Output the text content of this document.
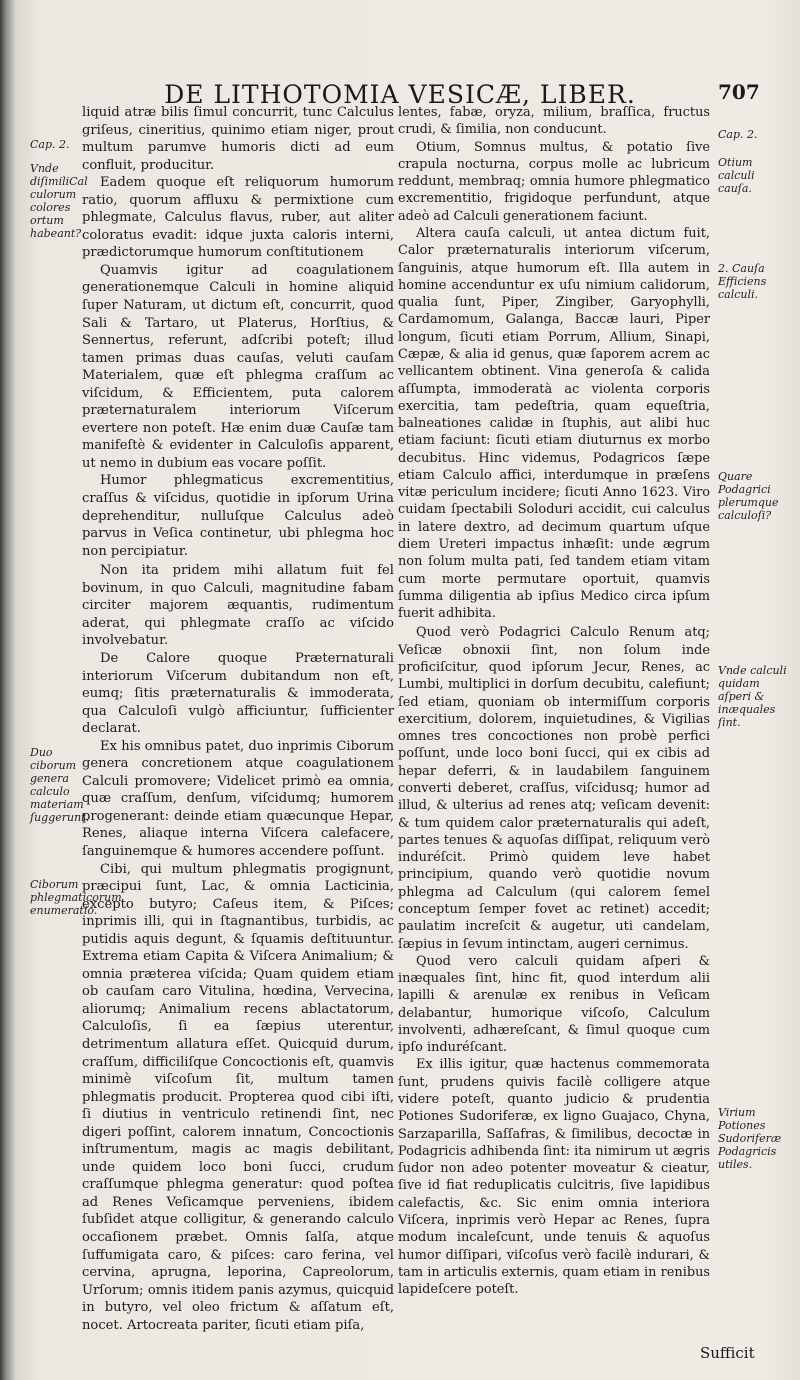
DE LITHOTOMIA VESICÆ, LIBER.	707
Cap. 2.
Vnde diſimiliCal culorum colores ortum habeant?
Duo ciborum genera calculo materiam ſuggerunt.
Ciborum phlegmaticorum enumeratio.
Cap. 2.
Otium calculi cauſa.
2. Cauſa Efficiens calculi.
Quare Podagrici plerumque calculoſi?
Vnde calculi quidam aſperi & inæquales ſint.
Virium Potiones Sudoriferæ Podagricis utiles.

liquid atræ bilis ſimul concurrit, tunc Calculus griſeus, cineritius, quinimo etiam niger, prout multum parumve humoris dicti ad eum confluit, producitur.

Eadem quoque eſt reliquorum humorum ratio, quorum affluxu & permixtione cum phlegmate, Calculus flavus, ruber, aut aliter coloratus evadit: idque juxta caloris interni, prædictorumque humorum conſtitutionem

Quamvis igitur ad coagulationem generationemque Calculi in homine aliquid ſuper Naturam, ut dictum eſt, concurrit, quod Sali & Tartaro, ut Platerus, Horſtius, & Sennertus, referunt, adſcribi poteſt; illud tamen primas duas cauſas, veluti cauſam Materialem, quæ eſt phlegma craſſum ac viſcidum, & Efficientem, puta calorem præternaturalem interiorum Viſcerum evertere non poteſt. Hæ enim duæ Cauſæ tam manifeſtè & evidenter in Calculoſis apparent, ut nemo in dubium eas vocare poſſit.

Humor phlegmaticus excrementitius, craſſus & viſcidus, quotidie in ipſorum Urina deprehenditur, nulluſque Calculus adeò parvus in Veſica continetur, ubi phlegma hoc non percipiatur.

Non ita pridem mihi allatum fuit fel bovinum, in quo Calculi, magnitudine fabam circiter majorem æquantis, rudimentum aderat, qui phlegmate craſſo ac viſcido involvebatur.

De Calore quoque Præternaturali interiorum Viſcerum dubitandum non eſt, eumq; ſitis præternaturalis & immoderata, qua Calculoſi vulgò afficiuntur, ſufficienter declarat.

Ex his omnibus patet, duo inprimis Ciborum genera concretionem atque coagulationem Calculi promovere; Videlicet primò ea omnia, quæ craſſum, denſum, viſcidumq; humorem progenerant: deinde etiam quæcunque Hepar, Renes, aliaque interna Viſcera calefacere, ſanguinemque & humores accendere poſſunt.

Cibi, qui multum phlegmatis progignunt, præcipui ſunt, Lac, & omnia Lacticinia, excepto butyro; Caſeus item, & Piſces; inprimis illi, qui in ſtagnantibus, turbidis, ac putidis aquis degunt, & ſquamis deſtituuntur. Extrema etiam Capita & Viſcera Animalium; & omnia præterea viſcida; Quam quidem etiam ob cauſam caro Vitulina, hœdina, Vervecina, aliorumq; Animalium recens ablactatorum, Calculoſis, ſi ea ſæpius uterentur, detrimentum allatura eſſet. Quicquid durum, craſſum, difficiliſque Concoctionis eſt, quamvis minimè viſcoſum ſit, multum tamen phlegmatis producit. Propterea quod cibi iſti, ſi diutius in ventriculo retinendi ſint, nec digeri poſſint, calorem innatum, Concoctionis inſtrumentum, magis ac magis debilitant, unde quidem loco boni ſucci, crudum craſſumque phlegma generatur: quod poſtea ad Renes Veſicamque perveniens, ibidem ſubſidet atque colligitur, & generando calculo occaſionem præbet. Omnis ſalſa, atque ſuffumigata caro, & piſces: caro ferina, vel cervina, aprugna, leporina, Capreolorum, Urſorum; omnis itidem panis azymus, quicquid in butyro, vel oleo frictum & aſſatum eſt, nocet. Artocreata pariter, ſicuti etiam piſa,

lentes, fabæ, oryza, milium, braſſica, fructus crudi, & ſimilia, non conducunt.

Otium, Somnus multus, & potatio ſive crapula nocturna, corpus molle ac lubricum reddunt, membraq; omnia humore phlegmatico excrementitio, frigidoque perfundunt, atque adeò ad Calculi generationem faciunt.

Altera cauſa calculi, ut antea dictum fuit, Calor præternaturalis interiorum viſcerum, ſanguinis, atque humorum eſt. Illa autem in homine accenduntur ex uſu nimium calidorum, qualia ſunt, Piper, Zingiber, Garyophylli, Cardamomum, Galanga, Baccæ lauri, Piper longum, ſicuti etiam Porrum, Allium, Sinapi, Cæpæ, & alia id genus, quæ ſaporem acrem ac vellicantem obtinent. Vina generoſa & calida aſſumpta, immoderatà ac violenta corporis exercitia, tam pedeſtria, quam equeſtria, balneationes calidæ in ſtuphis, aut alibi huc etiam faciunt: ſicuti etiam diuturnus ex morbo decubitus. Hinc videmus, Podagricos ſæpe etiam Calculo affici, interdumque in præſens vitæ periculum incidere; ſicuti Anno 1623. Viro cuidam ſpectabili Soloduri accidit, cui calculus in latere dextro, ad decimum quartum uſque diem Ureteri impactus inhæſit: unde ægrum non ſolum multa pati, ſed tandem etiam vitam cum morte permutare oportuit, quamvis ſumma diligentia ab ipſius Medico circa ipſum fuerit adhibita.

Quod verò Podagrici Calculo Renum atq; Veſicæ obnoxii ſint, non ſolum inde proficiſcitur, quod ipſorum Jecur, Renes, ac Lumbi, multiplici in dorſum decubitu, calefiunt; ſed etiam, quoniam ob intermiſſum corporis exercitium, dolorem, inquietudines, & Vigilias omnes tres concoctiones non probè perfici poſſunt, unde loco boni ſucci, qui ex cibis ad hepar deferri, & in laudabilem ſanguinem converti deberet, craſſus, viſcidusq; humor ad illud, & ulterius ad renes atq; veſicam devenit: & tum quidem calor præternaturalis qui adeſt, partes tenues & aquoſas diſſipat, reliquum verò induréſcit. Primò quidem leve habet principium, quando verò quotidie novum phlegma ad Calculum (qui calorem ſemel conceptum ſemper fovet ac retinet) accedit; paulatim increſcit & augetur, uti candelam, ſæpius in ſevum intinctam, augeri cernimus.

Quod vero calculi quidam aſperi & inæquales ſint, hinc fit, quod interdum alii lapilli & arenulæ ex renibus in Veſicam delabantur, humorique viſcoſo, Calculum involventi, adhæreſcant, & ſimul quoque cum ipſo induréſcant.

Ex illis igitur, quæ hactenus commemorata ſunt, prudens quivis facilè colligere atque videre poteſt, quanto judicio & prudentia Potiones Sudoriferæ, ex ligno Guajaco, Chyna, Sarzaparilla, Saſſafras, & ſimilibus, decoctæ in Podagricis adhibenda ſint: ita nimirum ut ægris ſudor non adeo potenter moveatur & cieatur, ſive id fiat reduplicatis culcitris, ſive lapidibus calefactis, &c. Sic enim omnia interiora Viſcera, inprimis verò Hepar ac Renes, ſupra modum incaleſcunt, unde tenuis & aquoſus humor diſſipari, viſcoſus verò facilè indurari, & tam in articulis externis, quam etiam in renibus lapideſcere poteſt.

Sufficit
